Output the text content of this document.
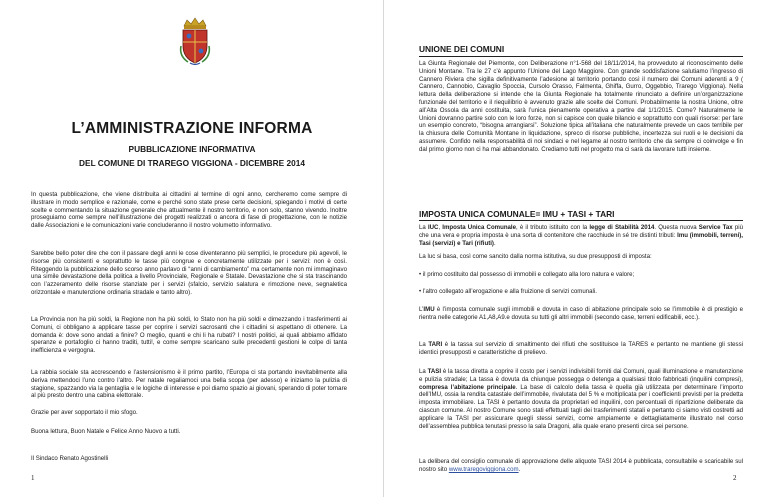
L’AMMINISTRAZIONE INFORMA
PUBBLICAZIONE INFORMATIVA
DEL COMUNE DI TRAREGO VIGGIONA - DICEMBRE 2014

In questa pubblicazione, che viene distribuita ai cittadini al termine di ogni anno, cercheremo come sempre di illustrare in modo semplice e razionale, come e perché sono state prese certe decisioni, spiegando i motivi di certe scelte e commentando la situazione generale che attualmente il nostro territorio, e non solo, stanno vivendo. Inoltre proseguiamo come sempre nell’illustrazione dei progetti realizzati o ancora di fase di progettazione, con le notizie dalle Associazioni e le comunicazioni varie concluderanno il nostro volumetto informativo.

Sarebbe bello poter dire che con il passare degli anni le cose diventeranno più semplici, le procedure più agevoli, le risorse più consistenti e soprattutto le tasse più congrue e concretamente utilizzate per i servizi: non è così. Riteggendo la pubblicazione dello scorso anno parlavo di “anni di cambiamento” ma certamente non mi immaginavo una simile devastazione della politica a livello Provinciale, Regionale e Statale. Devastazione che si sta trascinando con l’azzeramento delle risorse stanziate per i servizi (sfalcio, servizio salatura e rimozione neve, segnaletica orizzontale e manutenzione ordinaria stradale e tanto altro).

La Provincia non ha più soldi, la Regione non ha più soldi, lo Stato non ha più soldi e dimezzando i trasferimenti ai Comuni, ci obbligano a applicare tasse per coprire i servizi sacrosanti che i cittadini si aspettano di ottenere. La domanda è: dove sono andati a finire? O meglio, quanti e chi li ha rubati? I nostri politici, ai quali abbiamo affidato speranze e portafoglio ci hanno traditi, tutti!, e come sempre scaricano sulle precedenti gestioni le colpe di tanta inefficienza e vergogna.

La rabbia sociale sta accrescendo e l’astensionismo è il primo partito, l’Europa ci sta portando inevitabilmente alla deriva mettendoci l’uno contro l’altro. Per natale regaliamoci una bella scopa (per adesso) e iniziamo la pulizia di stagione, spazzando via la gentaglia e le logiche di interesse e poi diamo spazio ai giovani, sperando di poter tornare al più presto dentro una cabina elettorale.

Grazie per aver sopportato il mio sfogo.

Buona lettura, Buon Natale e Felice Anno Nuovo a tutti.

Il Sindaco Renato Agostinelli

1
UNIONE DEI COMUNI

La Giunta Regionale del Piemonte, con Deliberazione n°1-568 del 18/11/2014, ha provveduto al riconoscimento delle Unioni Montane. Tra le 27 c’è appunto l’Unione del Lago Maggiore. Con grande soddisfazione salutiamo l’ingresso di Cannero Riviera che sigilla definitivamente l’adesione al territorio portando così il numero dei Comuni aderenti a 9 ( Cannero, Cannobio, Cavaglio Spoccia, Cursolo Orasso, Falmenta, Ghiffa, Gurro, Oggebbio, Trarego Viggiona). Nella lettura della deliberazione si intende che la Giunta Regionale ha totalmente rinunciato a definire un’organizzazione funzionale del territorio e il riequilibrio è avvenuto grazie alle scelte dei Comuni. Probabilmente la nostra Unione, oltre all’Alta Ossola da anni costituita, sarà l’unica pienamente operativa a partire dal 1/1/2015. Come? Naturalmente le Unioni dovranno partire solo con le loro forze, non si capisce con quale bilancio e soprattutto con quali risorse: per fare un esempio concreto, “bisogna arrangiarsi”. Soluzione tipica all’italiana che naturalmente prevede un caos terribile per la chiusura delle Comunità Montane in liquidazione, spreco di risorse pubbliche, incertezza sui ruoli e le decisioni da assumere. Confido nella responsabilità di noi sindaci e nel legame al nostro territorio che da sempre ci coinvolge e fin dal primo giorno non ci ha mai abbandonato. Crediamo tutti nel progetto ma ci sarà da lavorare tutti insieme.

IMPOSTA UNICA COMUNALE= IMU + TASI + TARI

La IUC, Imposta Unica Comunale, è il tributo istituito con la legge di Stabilità 2014. Questa nuova Service Tax più che una vera e propria imposta è una sorta di contenitore che racchiude in sé tre distinti tributi: Imu (immobili, terreni), Tasi (servizi) e Tari (rifiuti).

La luc si basa, così come sancito dalla norma istitutiva, su due presupposti di imposta:

• il primo costituito dal possesso di immobili e collegato alla loro natura e valore;

• l’altro collegato all’erogazione e alla fruizione di servizi comunali.

L’IMU è l’imposta comunale sugli immobili e dovuta in caso di abitazione principale solo se l’immobile è di prestigio e rientra nelle categorie A1,A8,A9.e dovuta su tutti gli altri immobili (secondo case, terreni edificabili, ecc.).

La TARI è la tassa sul servizio di smaltimento dei rifiuti che sostituisce la TARES e pertanto ne mantiene gli stessi identici presupposti e caratteristiche di prelievo.

La TASI è la tassa diretta a coprire il costo per i servizi indivisibili forniti dai Comuni, quali illuminazione e manutenzione e pulizia stradale; La tassa è dovuta da chiunque possegga o detenga a qualsiasi titolo fabbricati (inquilini compresi), compresa l’abitazione principale. La base di calcolo della tassa è quella già utilizzata per determinare l’importo dell’IMU, ossia la rendita catastale dell’immobile, rivalutata del 5 % e moltiplicata per i coefficienti previsti per la predetta imposta immobiliare. La TASI è pertanto dovuta da proprietari ed inquilini, con percentuali di ripartizione deliberate da ciascun comune. Al nostro Comune sono stati effettuati tagli dei trasferimenti statali e pertanto ci siamo visti costretti ad applicare la TASI per assicurare quegli stessi servizi, come ampiamente e dettagliatamente illustrato nel corso dell’assemblea pubblica tenutasi presso la sala Dragoni, alla quale erano presenti circa sei persone.

La delibera del consiglio comunale di approvazione delle aliquote TASI 2014 è pubblicata, consultabile e scaricabile sul nostro sito www.traregoviggiona.com.

2
